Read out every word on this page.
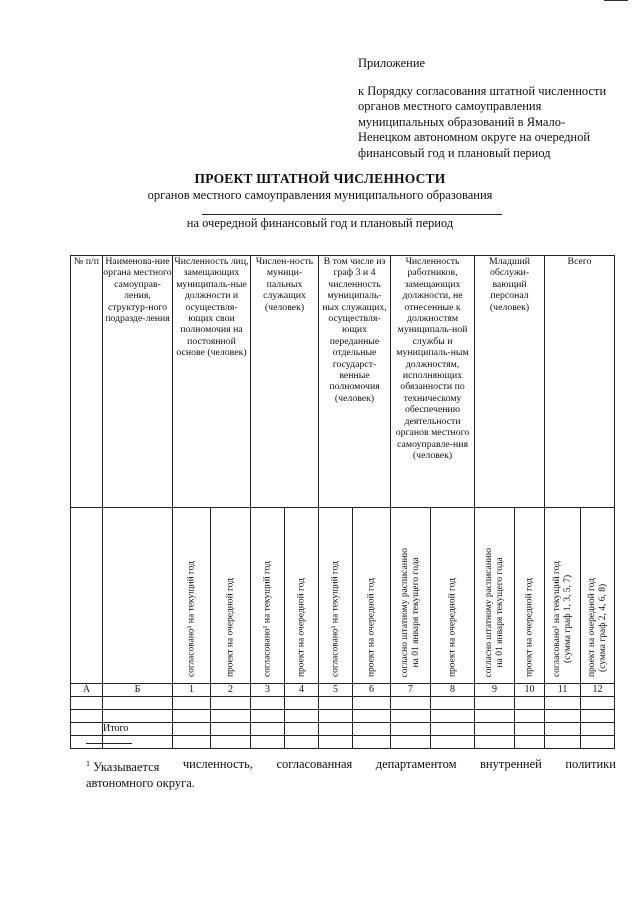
Приложение
к Порядку согласования штатной численности
органов местного самоуправления
муниципальных образований в Ямало-
Ненецком автономном округе на очередной
финансовый год и плановый период
ПРОЕКТ ШТАТНОЙ ЧИСЛЕННОСТИ
органов местного самоуправления муниципального образования
на очередной финансовый год и плановый период
№ п/п	Наименова-ние органа местного самоуправ-ления, структур-ного подразде-ления	Численность лиц, замещающих муниципаль-ные должности и осуществля-ющих свои полномочия на постоянной основе (человек)		Числен-ность муници-пальных служащих (человек)		В том числе из граф 3 и 4 численность муниципаль-ных служащих, осуществля-ющих переданные отдельные государст-венные полномочия (человек)		Численность работников, замещающих должности, не отнесенные к должностям муниципаль-ной службы и муниципаль-ным должностям, исполняющих обязанности по техническому обеспечению деятельности органов местного самоуправле-ния (человек)		Младший обслужи-вающий персонал (человек)		Всего	

		согласовано¹ на текущий год	проект на очередной год	согласовано¹ на текущий год	проект на очередной год	согласовано¹ на текущий год	проект на очередной год	согласно штатному расписанию
на 01 января текущего года	проект на очередной год	согласно штатному расписанию
на 01 января текущего года	проект на очередной год	согласовано¹ на текущий год
(сумма граф 1, 3, 5, 7)	проект на очередной год
(сумма граф 2, 4, 6, 8)

А	Б	1	2	3	4	5	6	7	8	9	10	11	12

	Итого												

$^1$ Указывается численность, согласованная департаментом внутренней политики
автономного округа.
